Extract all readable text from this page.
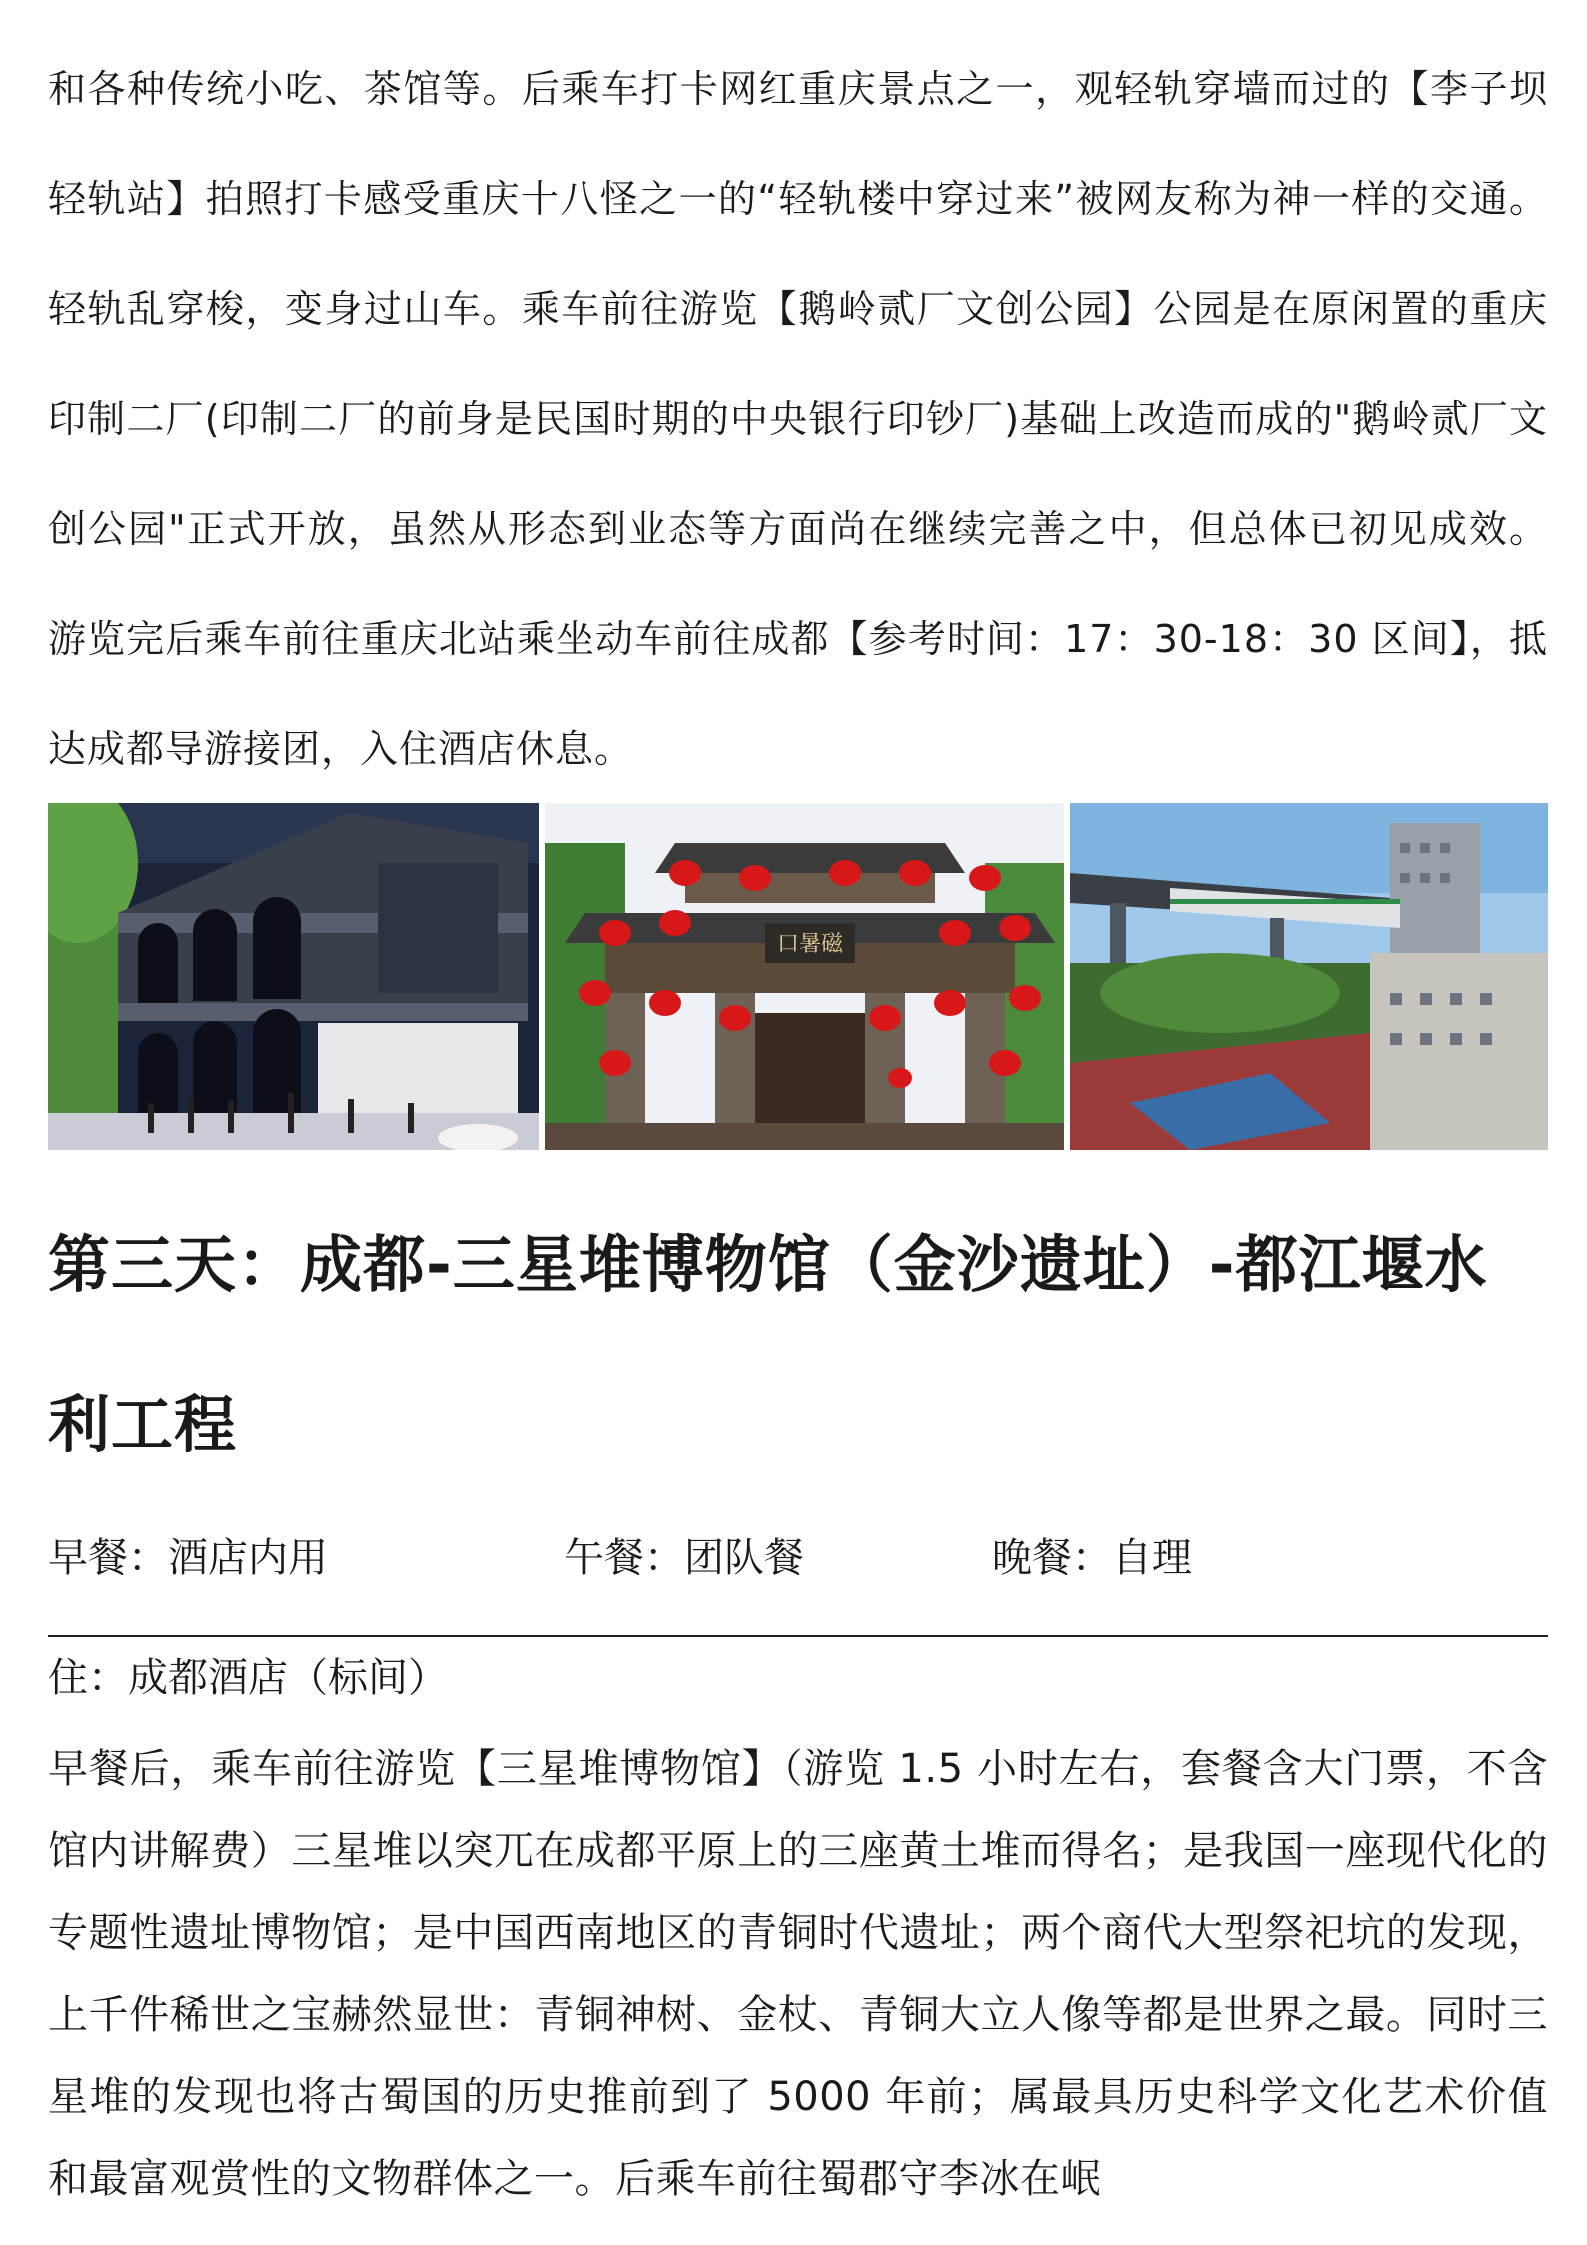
和各种传统小吃、茶馆等。后乘车打卡网红重庆景点之一，观轻轨穿墙而过的【李子坝轻轨站】拍照打卡感受重庆十八怪之一的“轻轨楼中穿过来”被网友称为神一样的交通。轻轨乱穿梭，变身过山车。乘车前往游览【鹅岭贰厂文创公园】公园是在原闲置的重庆印制二厂(印制二厂的前身是民国时期的中央银行印钞厂)基础上改造而成的"鹅岭贰厂文创公园"正式开放，虽然从形态到业态等方面尚在继续完善之中，但总体已初见成效。 游览完后乘车前往重庆北站乘坐动车前往成都【参考时间：17：30-18：30 区间】，抵达成都导游接团，入住酒店休息。

口暑磁
第三天：成都-三星堆博物馆（金沙遗址）-都江堰水利工程
早餐：酒店内用	午餐：团队餐	晚餐：自理
住：成都酒店（标间）

早餐后，乘车前往游览【三星堆博物馆】（游览 1.5 小时左右，套餐含大门票，不含馆内讲解费）三星堆以突兀在成都平原上的三座黄土堆而得名；是我国一座现代化的专题性遗址博物馆；是中国西南地区的青铜时代遗址；两个商代大型祭祀坑的发现，上千件稀世之宝赫然显世：青铜神树、金杖、青铜大立人像等都是世界之最。同时三星堆的发现也将古蜀国的历史推前到了 5000 年前；属最具历史科学文化艺术价值和最富观赏性的文物群体之一。后乘车前往蜀郡守李冰在岷
